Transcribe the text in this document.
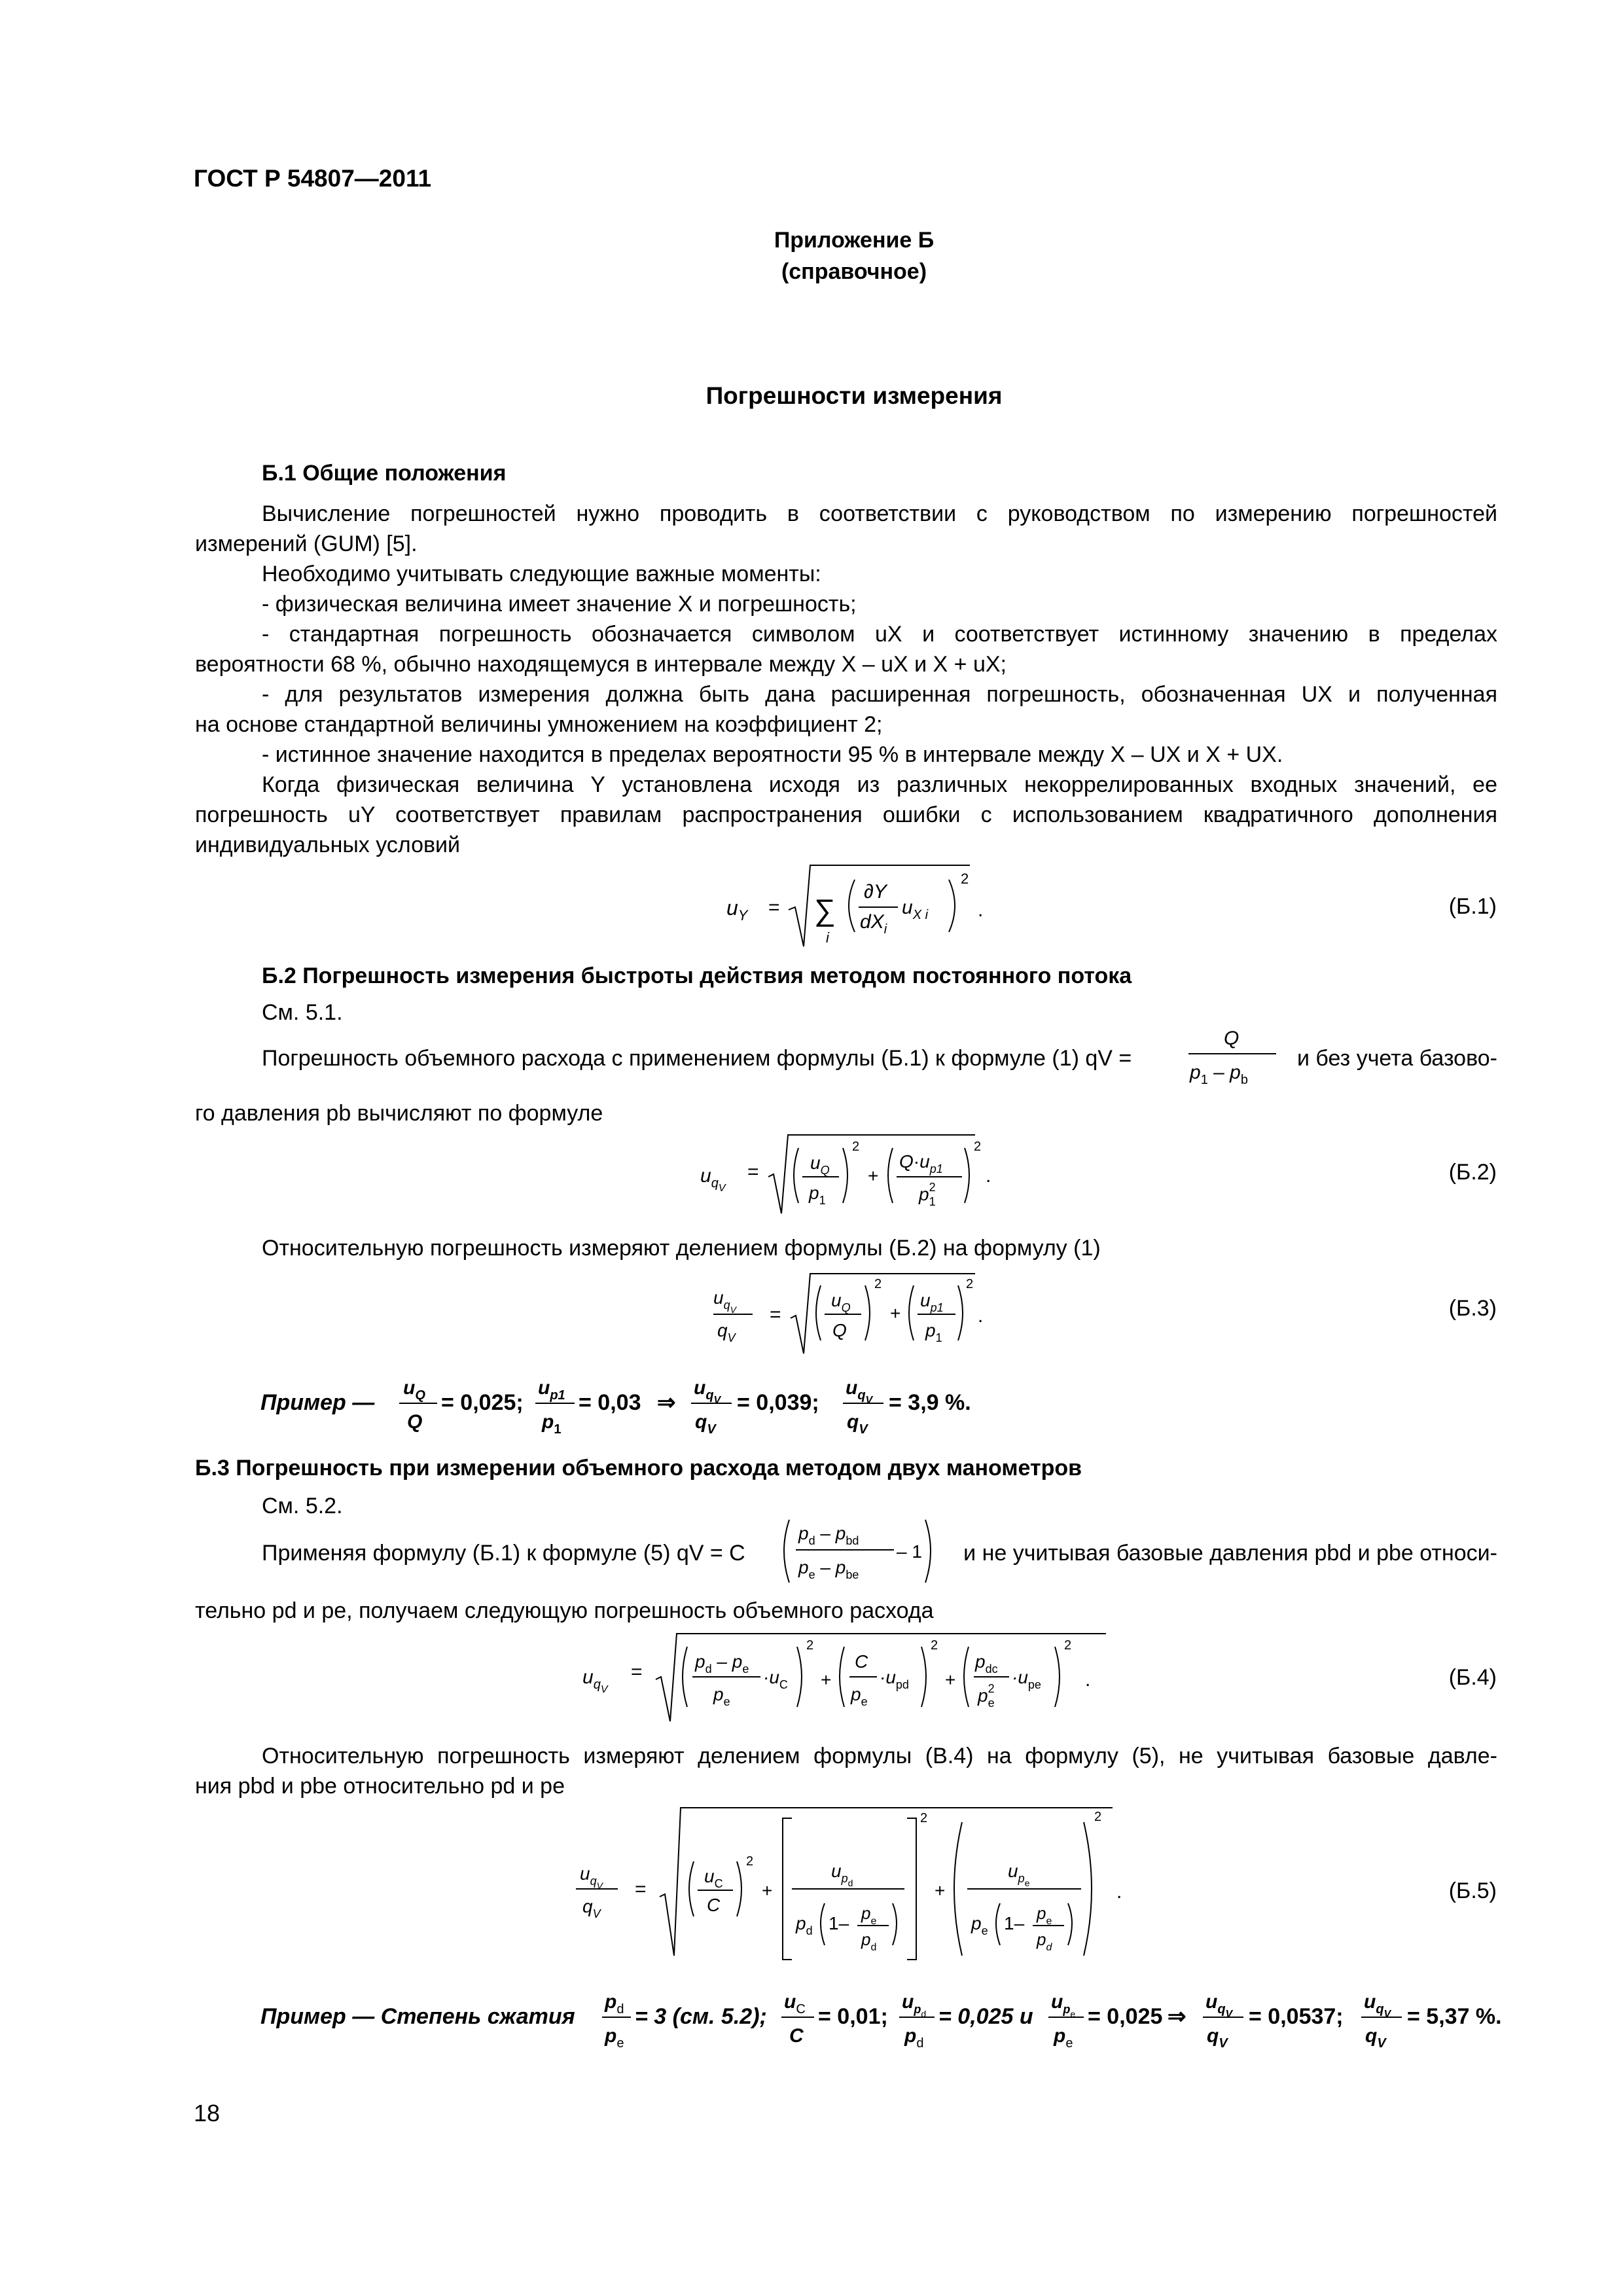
ГОСТ Р 54807—2011
Приложение Б
(справочное)
Погрешности измерения
Б.1 Общие положения
Вычисление погрешностей нужно проводить в соответствии с руководством по измерению погрешностей
измерений (GUM) [5].
Необходимо учитывать следующие важные моменты:
- физическая величина имеет значение X и погрешность;
- стандартная погрешность обозначается символом uX и соответствует истинному значению в пределах
вероятности 68 %, обычно находящемуся в интервале между X – uX и X + uX;
- для результатов измерения должна быть дана расширенная погрешность, обозначенная UX и полученная
на основе стандартной величины умножением на коэффициент 2;
- истинное значение находится в пределах вероятности 95 % в интервале между X – UX и X + UX.
Когда физическая величина Y установлена исходя из различных некоррелированных входных значений, ее
погрешность uY соответствует правилам распространения ошибки с использованием квадратичного дополнения
индивидуальных условий
$u_Y$ = ∑
i
∂Y
$dX_i$
$u_{X i}$
2
.	(Б.1)
Б.2 Погрешность измерения быстроты действия методом постоянного потока
См. 5.1.
Погрешность объемного расхода с применением формулы (Б.1) к формуле (1) qV =
Q
$p_1 - p_b$
и без учета базово-
го давления pb вычисляют по формуле
$u_{qV}$
=	$u_Q$
$p_1$
2
+
$Q\cdot u_{p1}$
$p^2$ 1
2
.	(Б.2)
Относительную погрешность измеряют делением формулы (Б.2) на формулу (1)
$u_{qV}$
$q_V$
=
$u_Q$
Q
2
+
$u_{p1}$
$p_1$
2
.	(Б.3)
Пример —
$u_Q$
Q
= 0,025;
$u_{p1}$
$p_1$
= 0,03 ⇒
$u_{qV}$
$q_V$
= 0,039;
$u_{qV}$
$q_V$
= 3,9 %.
Б.3 Погрешность при измерении объемного расхода методом двух манометров
См. 5.2.
Применяя формулу (Б.1) к формуле (5) qV = C
$p_d - p_{bd}$
$p_e - p_{be}$
– 1	и не учитывая базовые давления pbd и pbe относи-
тельно pd и pe, получаем следующую погрешность объемного расхода
$u_{qV}$
=	$p_d - p_e$
$p_e$
$\cdot u_C$
2
+
C
$p_e$
$\cdot u_{pd}$
2
+
$p_{dc}$
$p^2$ e
$\cdot u_{pe}$
2
.	(Б.4)
Относительную погрешность измеряют делением формулы (В.4) на формулу (5), не учитывая базовые давле-
ния pbd и pbe относительно pd и pe
$u_{qV}$
$q_V$
=
$u_C$
C
2
+
$u_{pd}$
$p_d$ 1– $p_e$
$p_d$
2
+
$u_{pe}$
$p_e$ 1– $p_e$
$p_d$
2
.	(Б.5)
Пример — Степень сжатия
$p_d$
$p_e$
= 3 (см. 5.2);
$u_C$
C
= 0,01;
$u_{pd}$
$p_d$
= 0,025 и
$u_{pe}$
$p_e$
= 0,025 ⇒
$u_{qV}$
$q_V$
= 0,0537;
$u_{qV}$
$q_V$
= 5,37 %.
18
